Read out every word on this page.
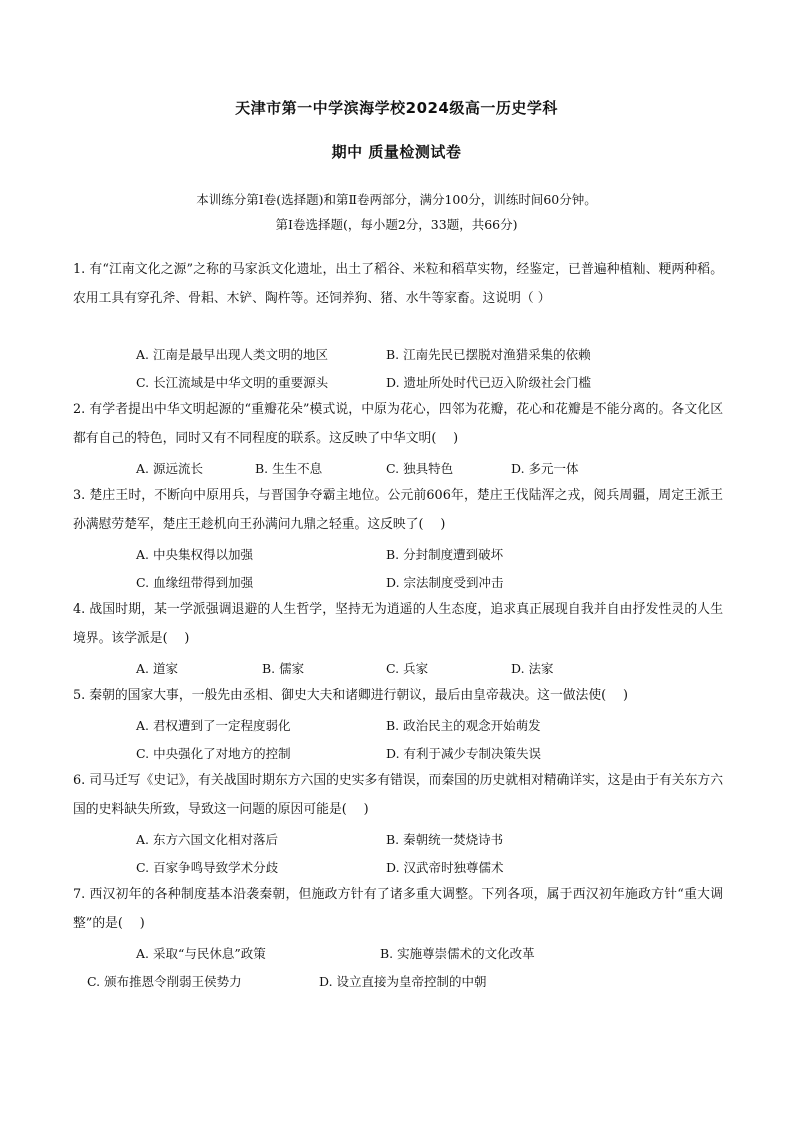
天津市第一中学滨海学校2024级高一历史学科
期中 质量检测试卷
本训练分第Ⅰ卷(选择题)和第Ⅱ卷两部分，满分100分，训练时间60分钟。
第Ⅰ卷选择题(，每小题2分，33题，共66分)
1. 有“江南文化之源”之称的马家浜文化遗址，出土了稻谷、米粒和稻草实物，经鉴定，已普遍种植籼、粳两种稻。农用工具有穿孔斧、骨耜、木铲、陶杵等。还饲养狗、猪、水牛等家畜。这说明（ ）
A. 江南是最早出现人类文明的地区	B. 江南先民已摆脱对渔猎采集的依赖
C. 长江流域是中华文明的重要源头	D. 遗址所处时代已迈入阶级社会门槛
2. 有学者提出中华文明起源的“重瓣花朵”模式说，中原为花心，四邻为花瓣，花心和花瓣是不能分离的。各文化区都有自己的特色，同时又有不同程度的联系。这反映了中华文明(　 )
A. 源远流长	B. 生生不息	C. 独具特色	D. 多元一体
3. 楚庄王时，不断向中原用兵，与晋国争夺霸主地位。公元前606年，楚庄王伐陆浑之戎，阅兵周疆，周定王派王孙满慰劳楚军，楚庄王趁机向王孙满问九鼎之轻重。这反映了(　 )
A. 中央集权得以加强	B. 分封制度遭到破坏
C. 血缘纽带得到加强	D. 宗法制度受到冲击
4. 战国时期，某一学派强调退避的人生哲学，坚持无为逍遥的人生态度，追求真正展现自我并自由抒发性灵的人生境界。该学派是(　 )
A. 道家	B. 儒家	C. 兵家	D. 法家
5. 秦朝的国家大事，一般先由丞相、御史大夫和诸卿进行朝议，最后由皇帝裁决。这一做法使(　 )
A. 君权遭到了一定程度弱化	B. 政治民主的观念开始萌发
C. 中央强化了对地方的控制	D. 有利于减少专制决策失误
6. 司马迁写《史记》，有关战国时期东方六国的史实多有错误，而秦国的历史就相对精确详实，这是由于有关东方六国的史料缺失所致，导致这一问题的原因可能是(　 )
A. 东方六国文化相对落后	B. 秦朝统一焚烧诗书
C. 百家争鸣导致学术分歧	D. 汉武帝时独尊儒术
7. 西汉初年的各种制度基本沿袭秦朝，但施政方针有了诸多重大调整。下列各项，属于西汉初年施政方针“重大调整”的是(　 )
A. 采取“与民休息”政策	B. 实施尊崇儒术的文化改革
C. 颁布推恩令削弱王侯势力	D. 设立直接为皇帝控制的中朝
